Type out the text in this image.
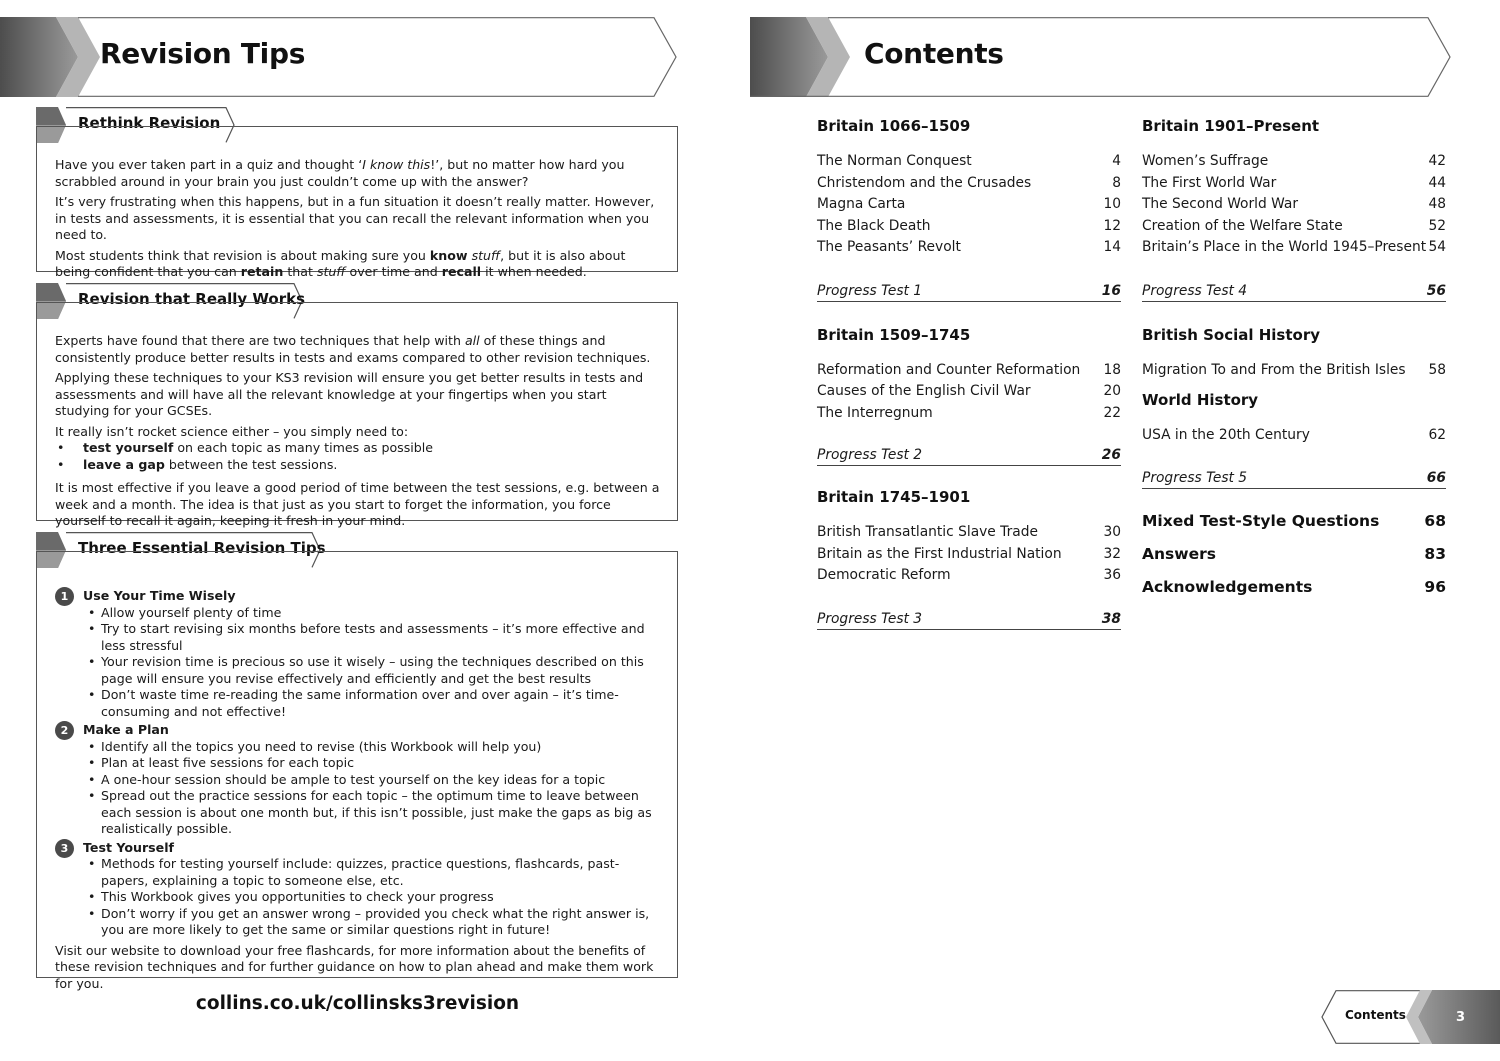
Revision Tips
Rethink Revision

Have you ever taken part in a quiz and thought ‘I know this!’, but no matter how hard you scrabbled around in your brain you just couldn’t come up with the answer?

It’s very frustrating when this happens, but in a fun situation it doesn’t really matter. However, in tests and assessments, it is essential that you can recall the relevant information when you need to.

Most students think that revision is about making sure you know stuff, but it is also about being confident that you can retain that stuff over time and recall it when needed.

Revision that Really Works

Experts have found that there are two techniques that help with all of these things and consistently produce better results in tests and exams compared to other revision techniques.

Applying these techniques to your KS3 revision will ensure you get better results in tests and assessments and will have all the relevant knowledge at your fingertips when you start studying for your GCSEs.

It really isn’t rocket science either – you simply need to:

• test yourself on each topic as many times as possible
• leave a gap between the test sessions.

It is most effective if you leave a good period of time between the test sessions, e.g. between a week and a month. The idea is that just as you start to forget the information, you force yourself to recall it again, keeping it fresh in your mind.

Three Essential Revision Tips
1	Use Your Time Wisely
• Allow yourself plenty of time
• Try to start revising six months before tests and assessments – it’s more effective and less stressful
• Your revision time is precious so use it wisely – using the techniques described on this page will ensure you revise effectively and efficiently and get the best results
• Don’t waste time re-reading the same information over and over again – it’s time-consuming and not effective!
2	Make a Plan
• Identify all the topics you need to revise (this Workbook will help you)
• Plan at least five sessions for each topic
• A one-hour session should be ample to test yourself on the key ideas for a topic
• Spread out the practice sessions for each topic – the optimum time to leave between each session is about one month but, if this isn’t possible, just make the gaps as big as realistically possible.
3	Test Yourself
• Methods for testing yourself include: quizzes, practice questions, flashcards, past-papers, explaining a topic to someone else, etc.
• This Workbook gives you opportunities to check your progress
• Don’t worry if you get an answer wrong – provided you check what the right answer is, you are more likely to get the same or similar questions right in future!

Visit our website to download your free flashcards, for more information about the benefits of these revision techniques and for further guidance on how to plan ahead and make them work for you.

collins.co.uk/collinsks3revision
Contents
Britain 1066–1509
The Norman Conquest	4
Christendom and the Crusades	8
Magna Carta	10
The Black Death	12
The Peasants’ Revolt	14
Progress Test 1	16
Britain 1509–1745
Reformation and Counter Reformation 18
Causes of the English Civil War	20
The Interregnum	22
Progress Test 2	26
Britain 1745–1901
British Transatlantic Slave Trade	30
Britain as the First Industrial Nation	32
Democratic Reform	36
Progress Test 3	38
Britain 1901–Present
Women’s Suffrage	42
The First World War	44
The Second World War	48
Creation of the Welfare State	52
Britain’s Place in the World 1945–Present 54
Progress Test 4	56
British Social History
Migration To and From the British Isles 58
World History
USA in the 20th Century	62
Progress Test 5	66
Mixed Test-Style Questions	68
Answers	83
Acknowledgements	96
Contents	3
